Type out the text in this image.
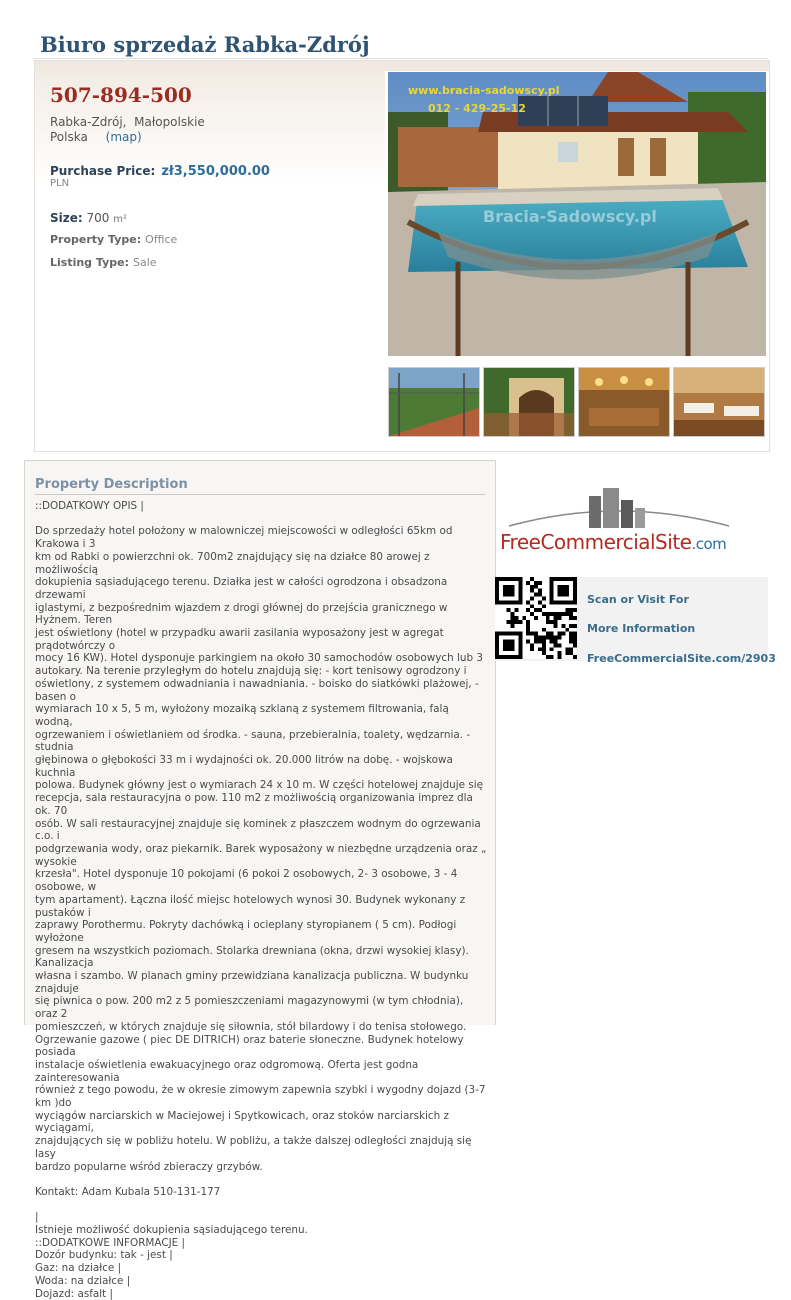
Biuro sprzedaż Rabka-Zdrój
507-894-500
Rabka-Zdrój, Małopolskie
Polska (map)
Purchase Price: zł3,550,000.00
PLN
Size: 700 m²
Property Type: Office
Listing Type: Sale
www.bracia-sadowscy.pl
012 - 429-25-12
Bracia-Sadowscy.pl
Property Description
::DODATKOWY OPIS |

Do sprzedaży hotel położony w malowniczej miejscowości w odległości 65km od Krakowa i 3
km od Rabki o powierzchni ok. 700m2 znajdujący się na działce 80 arowej z możliwością
dokupienia sąsiadującego terenu. Działka jest w całości ogrodzona i obsadzona drzewami
iglastymi, z bezpośrednim wjazdem z drogi głównej do przejścia granicznego w Hyżnem. Teren
jest oświetlony (hotel w przypadku awarii zasilania wyposażony jest w agregat prądotwórczy o
mocy 16 KW). Hotel dysponuje parkingiem na około 30 samochodów osobowych lub 3
autokary. Na terenie przyległym do hotelu znajdują się: - kort tenisowy ogrodzony i
oświetlony, z systemem odwadniania i nawadniania. - boisko do siatkówki plażowej, - basen o
wymiarach 10 x 5, 5 m, wyłożony mozaiką szklaną z systemem filtrowania, falą wodną,
ogrzewaniem i oświetlaniem od środka. - sauna, przebieralnia, toalety, wędzarnia. - studnia
głębinowa o głębokości 33 m i wydajności ok. 20.000 litrów na dobę. - wojskowa kuchnia
polowa. Budynek główny jest o wymiarach 24 x 10 m. W części hotelowej znajduje się
recepcja, sala restauracyjna o pow. 110 m2 z możliwością organizowania imprez dla ok. 70
osób. W sali restauracyjnej znajduje się kominek z płaszczem wodnym do ogrzewania c.o. i
podgrzewania wody, oraz piekarnik. Barek wyposażony w niezbędne urządzenia oraz „ wysokie
krzesła". Hotel dysponuje 10 pokojami (6 pokoi 2 osobowych, 2- 3 osobowe, 3 - 4 osobowe, w
tym apartament). Łączna ilość miejsc hotelowych wynosi 30. Budynek wykonany z pustaków i
zaprawy Porothermu. Pokryty dachówką i ocieplany styropianem ( 5 cm). Podłogi wyłożone
gresem na wszystkich poziomach. Stolarka drewniana (okna, drzwi wysokiej klasy). Kanalizacja
własna i szambo. W planach gminy przewidziana kanalizacja publiczna. W budynku znajduje
się piwnica o pow. 200 m2 z 5 pomieszczeniami magazynowymi (w tym chłodnia), oraz 2
pomieszczeń, w których znajduje się siłownia, stół bilardowy i do tenisa stołowego.
Ogrzewanie gazowe ( piec DE DITRICH) oraz baterie słoneczne. Budynek hotelowy posiada
instalacje oświetlenia ewakuacyjnego oraz odgromową. Oferta jest godna zainteresowania
również z tego powodu, że w okresie zimowym zapewnia szybki i wygodny dojazd (3-7 km )do
wyciągów narciarskich w Maciejowej i Spytkowicach, oraz stoków narciarskich z wyciągami,
znajdujących się w pobliżu hotelu. W pobliżu, a także dalszej odległości znajdują się lasy
bardzo popularne wśród zbieraczy grzybów.

Kontakt: Adam Kubala 510-131-177

|
Istnieje możliwość dokupienia sąsiadującego terenu.
::DODATKOWE INFORMACJE |
Dozór budynku: tak - jest |
Gaz: na działce |
Woda: na działce |
Dojazd: asfalt |
FreeCommercialSite.com
Scan or Visit For
More Information
FreeCommercialSite.com/2903
